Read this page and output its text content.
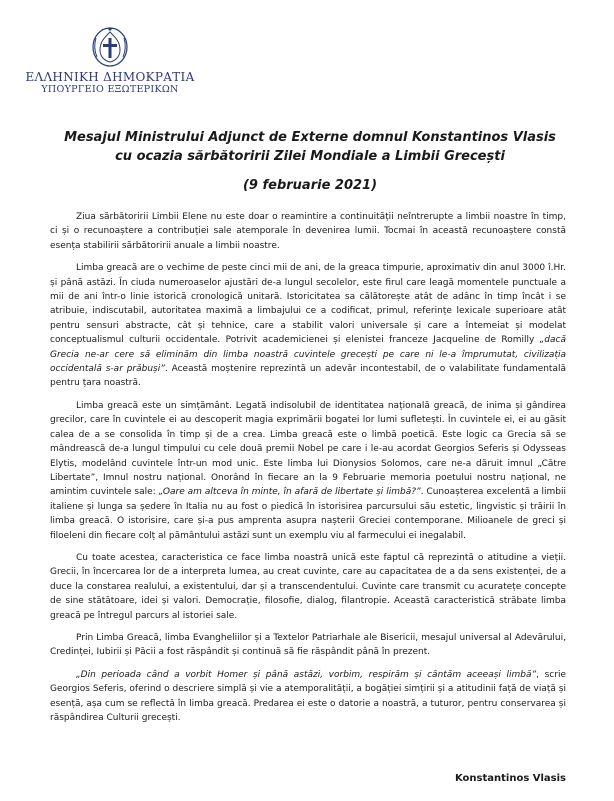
ΕΛΛΗΝΙΚΗ ΔΗΜΟΚΡΑΤΙΑ
ΥΠΟΥΡΓΕΙΟ ΕΞΩΤΕΡΙΚΩΝ
Mesajul Ministrului Adjunct de Externe domnul Konstantinos Vlasis
cu ocazia sărbătoririi Zilei Mondiale a Limbii Grecești
(9 februarie 2021)

Ziua sărbătoririi Limbii Elene nu este doar o reamintire a continuității neîntrerupte a limbii noastre în timp, ci și o recunoaștere a contribuției sale atemporale în devenirea lumii. Tocmai în această recunoaștere constă esența stabilirii sărbătoririi anuale a limbii noastre.

Limba greacă are o vechime de peste cinci mii de ani, de la greaca timpurie, aproximativ din anul 3000 î.Hr. și până astăzi. În ciuda numeroaselor ajustări de-a lungul secolelor, este firul care leagă momentele punctuale a mii de ani într-o linie istorică cronologică unitară. Istoricitatea sa călătorește atât de adânc în timp încât i se atribuie, indiscutabil, autoritatea maximă a limbajului ce a codificat, primul, referințe lexicale superioare atât pentru sensuri abstracte, cât și tehnice, care a stabilit valori universale și care a întemeiat și modelat conceptualismul culturii occidentale. Potrivit academicienei și elenistei franceze Jacqueline de Romilly „dacă Grecia ne-ar cere să eliminăm din limba noastră cuvintele grecești pe care ni le-a împrumutat, civilizația occidentală s-ar prăbuși”. Această moștenire reprezintă un adevăr incontestabil, de o valabilitate fundamentală pentru țara noastră.

Limba greacă este un simțământ. Legată indisolubil de identitatea națională greacă, de inima și gândirea grecilor, care în cuvintele ei au descoperit magia exprimării bogatei lor lumi sufletești. În cuvintele ei, ei au găsit calea de a se consolida în timp și de a crea. Limba greacă este o limbă poetică. Este logic ca Grecia să se mândrească de-a lungul timpului cu cele două premii Nobel pe care i le-au acordat Georgios Seferis și Odysseas Elytis, modelând cuvintele într-un mod unic. Este limba lui Dionysios Solomos, care ne-a dăruit imnul „Către Libertate”, Imnul nostru național. Onorând în fiecare an la 9 Februarie memoria poetului nostru național, ne amintim cuvintele sale: „Oare am altceva în minte, în afară de libertate și limbă?”. Cunoașterea excelentă a limbii italiene și lunga sa ședere în Italia nu au fost o piedică în istorisirea parcursului său estetic, lingvistic și trăirii în limba greacă. O istorisire, care și-a pus amprenta asupra nașterii Greciei contemporane. Milioanele de greci și filoeleni din fiecare colț al pământului astăzi sunt un exemplu viu al farmecului ei inegalabil.

Cu toate acestea, caracteristica ce face limba noastră unică este faptul că reprezintă o atitudine a vieții. Grecii, în încercarea lor de a interpreta lumea, au creat cuvinte, care au capacitatea de a da sens existenței, de a duce la constarea realului, a existentului, dar și a transcendentului. Cuvinte care transmit cu acuratețe concepte de sine stătătoare, idei și valori. Democrație, filosofie, dialog, filantropie. Această caracteristică străbate limba greacă pe întregul parcurs al istoriei sale.

Prin Limba Greacă, limba Evangheliilor și a Textelor Patriarhale ale Bisericii, mesajul universal al Adevărului, Credinței, Iubirii și Păcii a fost răspândit și continuă să fie răspândit până în prezent.

„Din perioada când a vorbit Homer și până astăzi, vorbim, respirăm și cântăm aceeași limbă”, scrie Georgios Seferis, oferind o descriere simplă și vie a atemporalității, a bogăției simțirii și a atitudinii față de viață și esență, așa cum se reflectă în limba greacă. Predarea ei este o datorie a noastră, a tuturor, pentru conservarea și răspândirea Culturii grecești.

Konstantinos Vlasis
